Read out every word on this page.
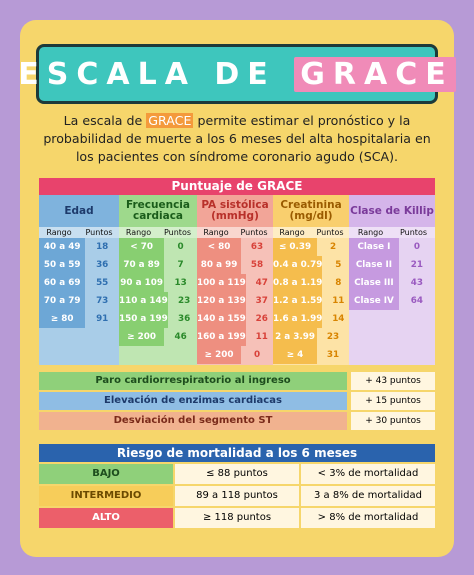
ESCALA DE GRACE

La escala de GRACE permite estimar el pronóstico y la probabilidad de muerte a los 6 meses del alta hospitalaria en los pacientes con síndrome coronario agudo (SCA).

Puntuaje de GRACE
Edad
Rango	Puntos
40 a 49	18
50 a 59	36
60 a 69	55
70 a 79	73
≥ 80	91
Frecuencia cardiaca
Rango	Puntos
< 70	0
70 a 89	7
90 a 109	13
110 a 149	23
150 a 199	36
≥ 200	46
PA sistólica (mmHg)
Rango	Puntos
< 80	63
80 a 99	58
100 a 119	47
120 a 139	37
140 a 159	26
160 a 199	11
≥ 200	0
Creatinina (mg/dl)
Rango	Puntos
≤ 0.39	2
0.4 a 0.79	5
0.8 a 1.19	8
1.2 a 1.59	11
1.6 a 1.99	14
2 a 3.99	23
≥ 4	31
Clase de Killip
Rango	Puntos
Clase I	0
Clase II	21
Clase III	43
Clase IV	64
Paro cardiorrespiratorio al ingreso	+ 43 puntos
Elevación de enzimas cardiacas	+ 15 puntos
Desviación del segmento ST	+ 30 puntos
Riesgo de mortalidad a los 6 meses
BAJO	≤ 88 puntos	< 3% de mortalidad
INTERMEDIO	89 a 118 puntos	3 a 8% de mortalidad
ALTO	≥ 118 puntos	> 8% de mortalidad
